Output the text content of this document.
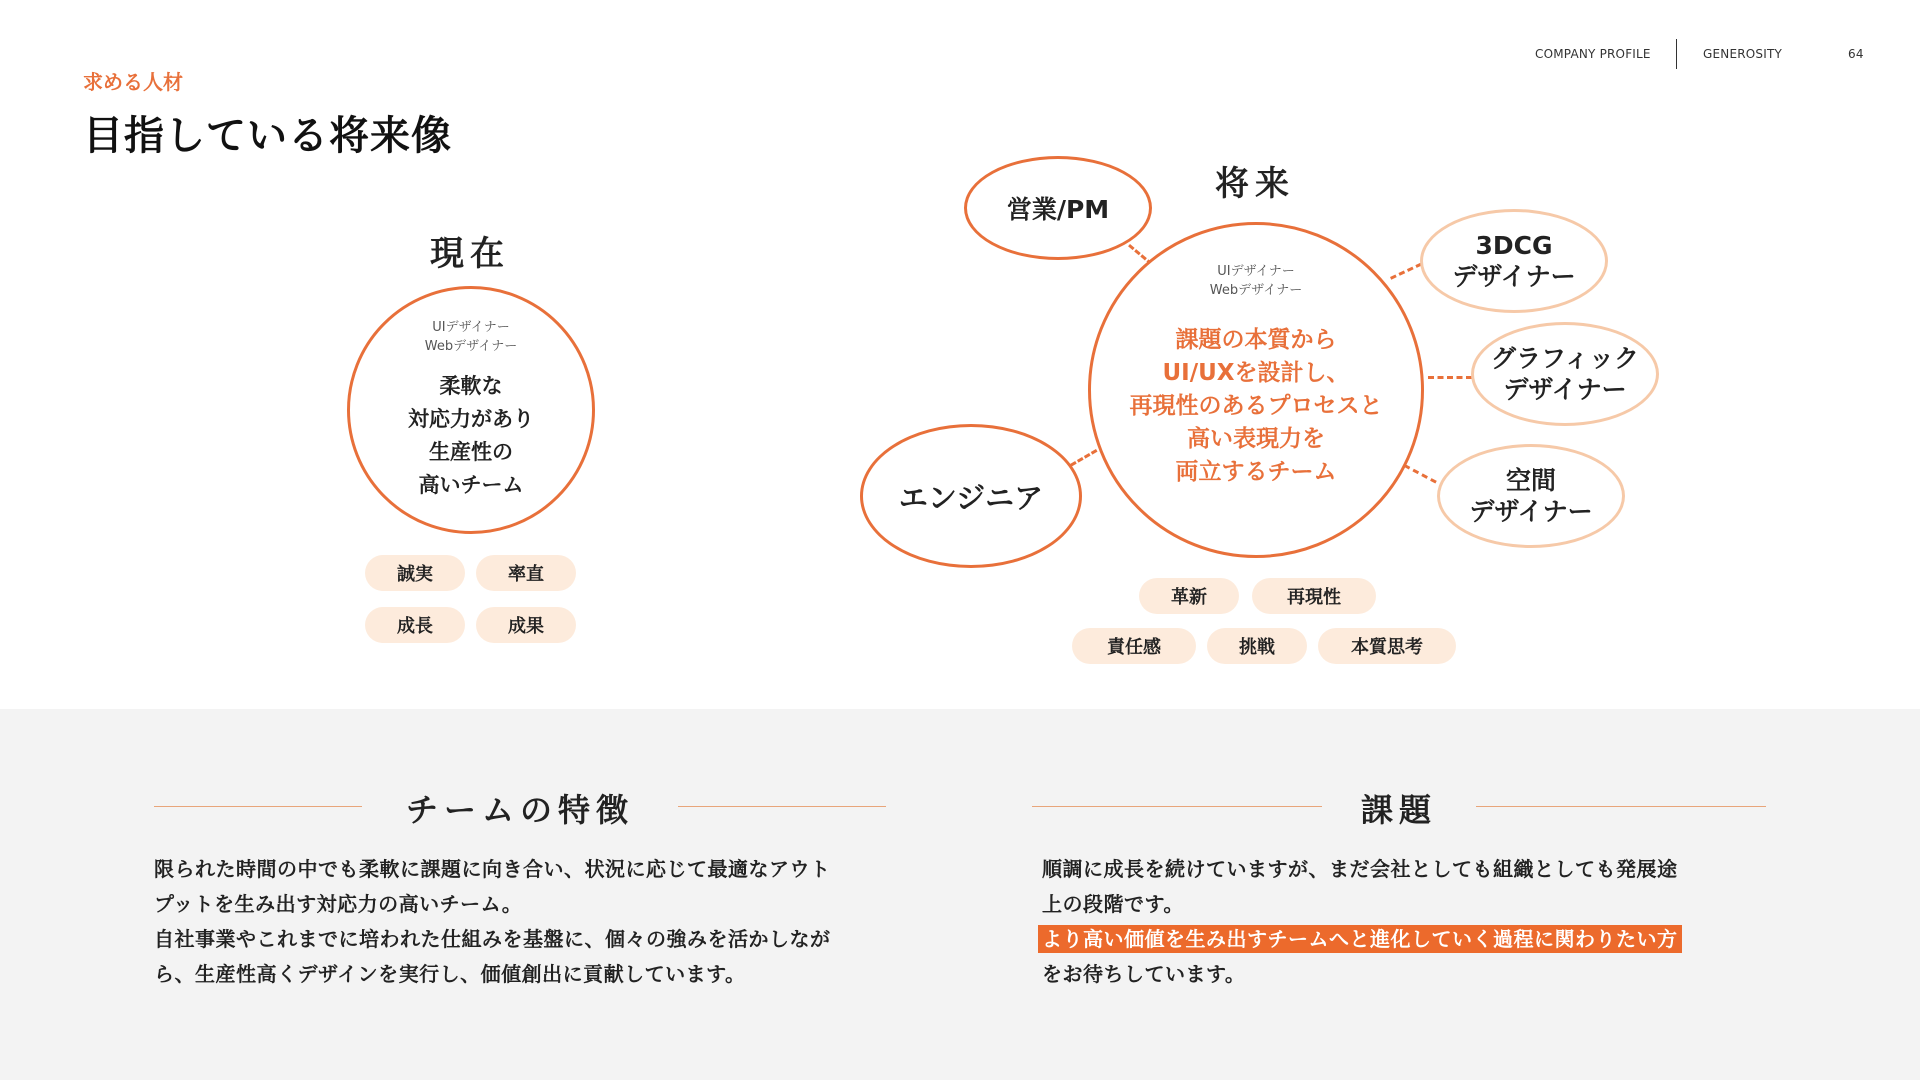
COMPANY PROFILE	GENEROSITY	64
求める人材
目指している将来像
現在
UIデザイナー
Webデザイナー
柔軟な
対応力があり
生産性の
高いチーム
誠実	率直
成長	成果
将来
UIデザイナー
Webデザイナー
課題の本質から
UI/UXを設計し、
再現性のあるプロセスと
高い表現力を
両立するチーム
営業/PM
エンジニア
3DCG
デザイナー
グラフィック
デザイナー
空間
デザイナー
革新	再現性
責任感	挑戦	本質思考
チームの特徴
限られた時間の中でも柔軟に課題に向き合い、状況に応じて最適なアウト
プットを生み出す対応力の高いチーム。
自社事業やこれまでに培われた仕組みを基盤に、個々の強みを活かしなが
ら、生産性高くデザインを実行し、価値創出に貢献しています。
課題
順調に成長を続けていますが、まだ会社としても組織としても発展途
上の段階です。
より高い価値を生み出すチームへと進化していく過程に関わりたい方
をお待ちしています。
